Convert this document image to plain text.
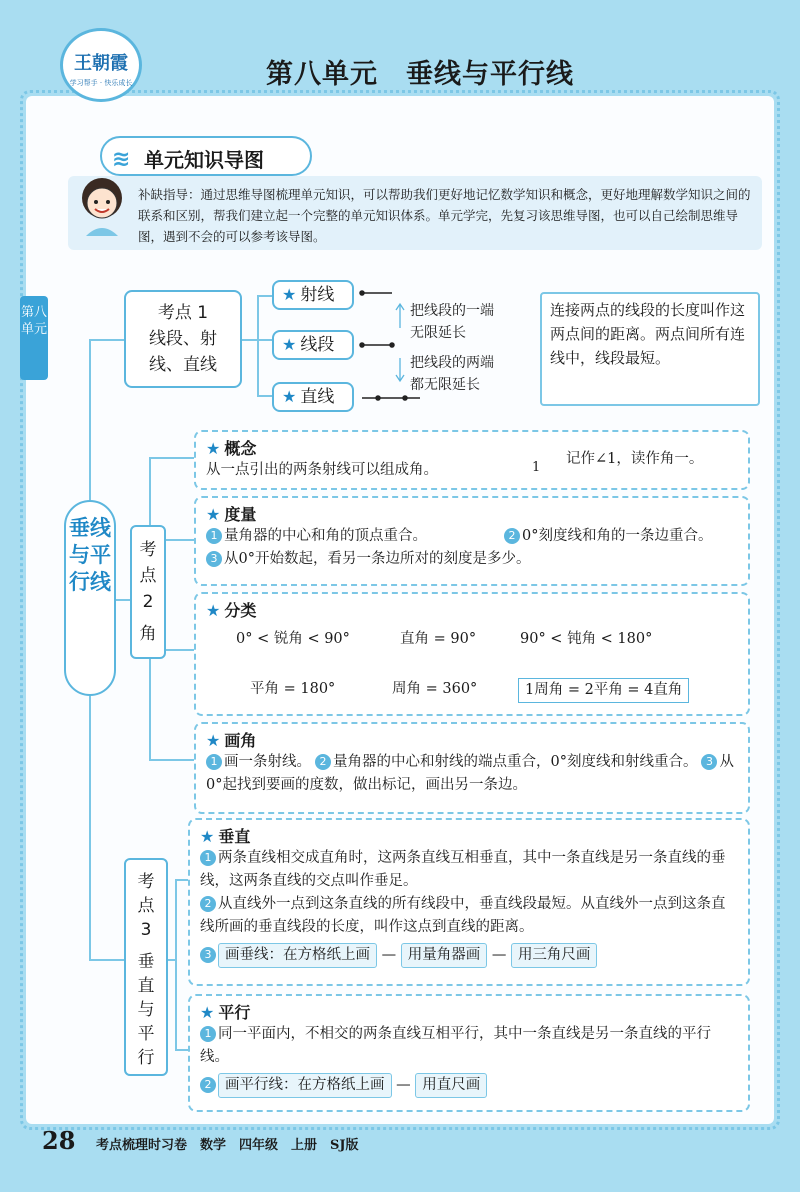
王朝霞
学习帮手 · 快乐成长	第八单元　垂线与平行线
≋ 单元知识导图
补缺指导：通过思维导图梳理单元知识，可以帮助我们更好地记忆数学知识和概念，更好地理解数学知识之间的联系和区别，帮我们建立起一个完整的单元知识体系。单元学完，先复习该思维导图，也可以自己绘制思维导图，遇到不会的可以参考该导图。
第八单元
垂线与平行线
考点 1
线段、射
线、直线
★ 射线
★ 线段
★ 直线
把线段的一端
无限延长
把线段的两端
都无限延长
连接两点的线段的长度叫作这两点间的距离。两点间所有连线中，线段最短。
考点2
角
★ 概念
从一点引出的两条射线可以组成角。	1
记作∠1，读作角一。
★ 度量
1 量角器的中心和角的顶点重合。	2 0°刻度线和角的一条边重合。
3 从0°开始数起，看另一条边所对的刻度是多少。
★ 分类
0° < 锐角 < 90°	直角 = 90°	90° < 钝角 < 180°
平角 = 180°	周角 = 360°	1周角 = 2平角 = 4直角
★ 画角
1 画一条射线。 2 量角器的中心和射线的端点重合，0°刻度线和射线重合。 3 从0°起找到要画的度数，做出标记，画出另一条边。
考点3
垂直与平行
★ 垂直
1 两条直线相交成直角时，这两条直线互相垂直，其中一条直线是另一条直线的垂线，这两条直线的交点叫作垂足。
2 从直线外一点到这条直线的所有线段中，垂直线段最短。从直线外一点到这条直线所画的垂直线段的长度，叫作这点到直线的距离。
3 画垂线：在方格纸上画 — 用量角器画 — 用三角尺画
★ 平行
1 同一平面内，不相交的两条直线互相平行，其中一条直线是另一条直线的平行线。
2 画平行线：在方格纸上画 — 用直尺画
28 考点梳理时习卷　数学　四年级　上册　SJ版
